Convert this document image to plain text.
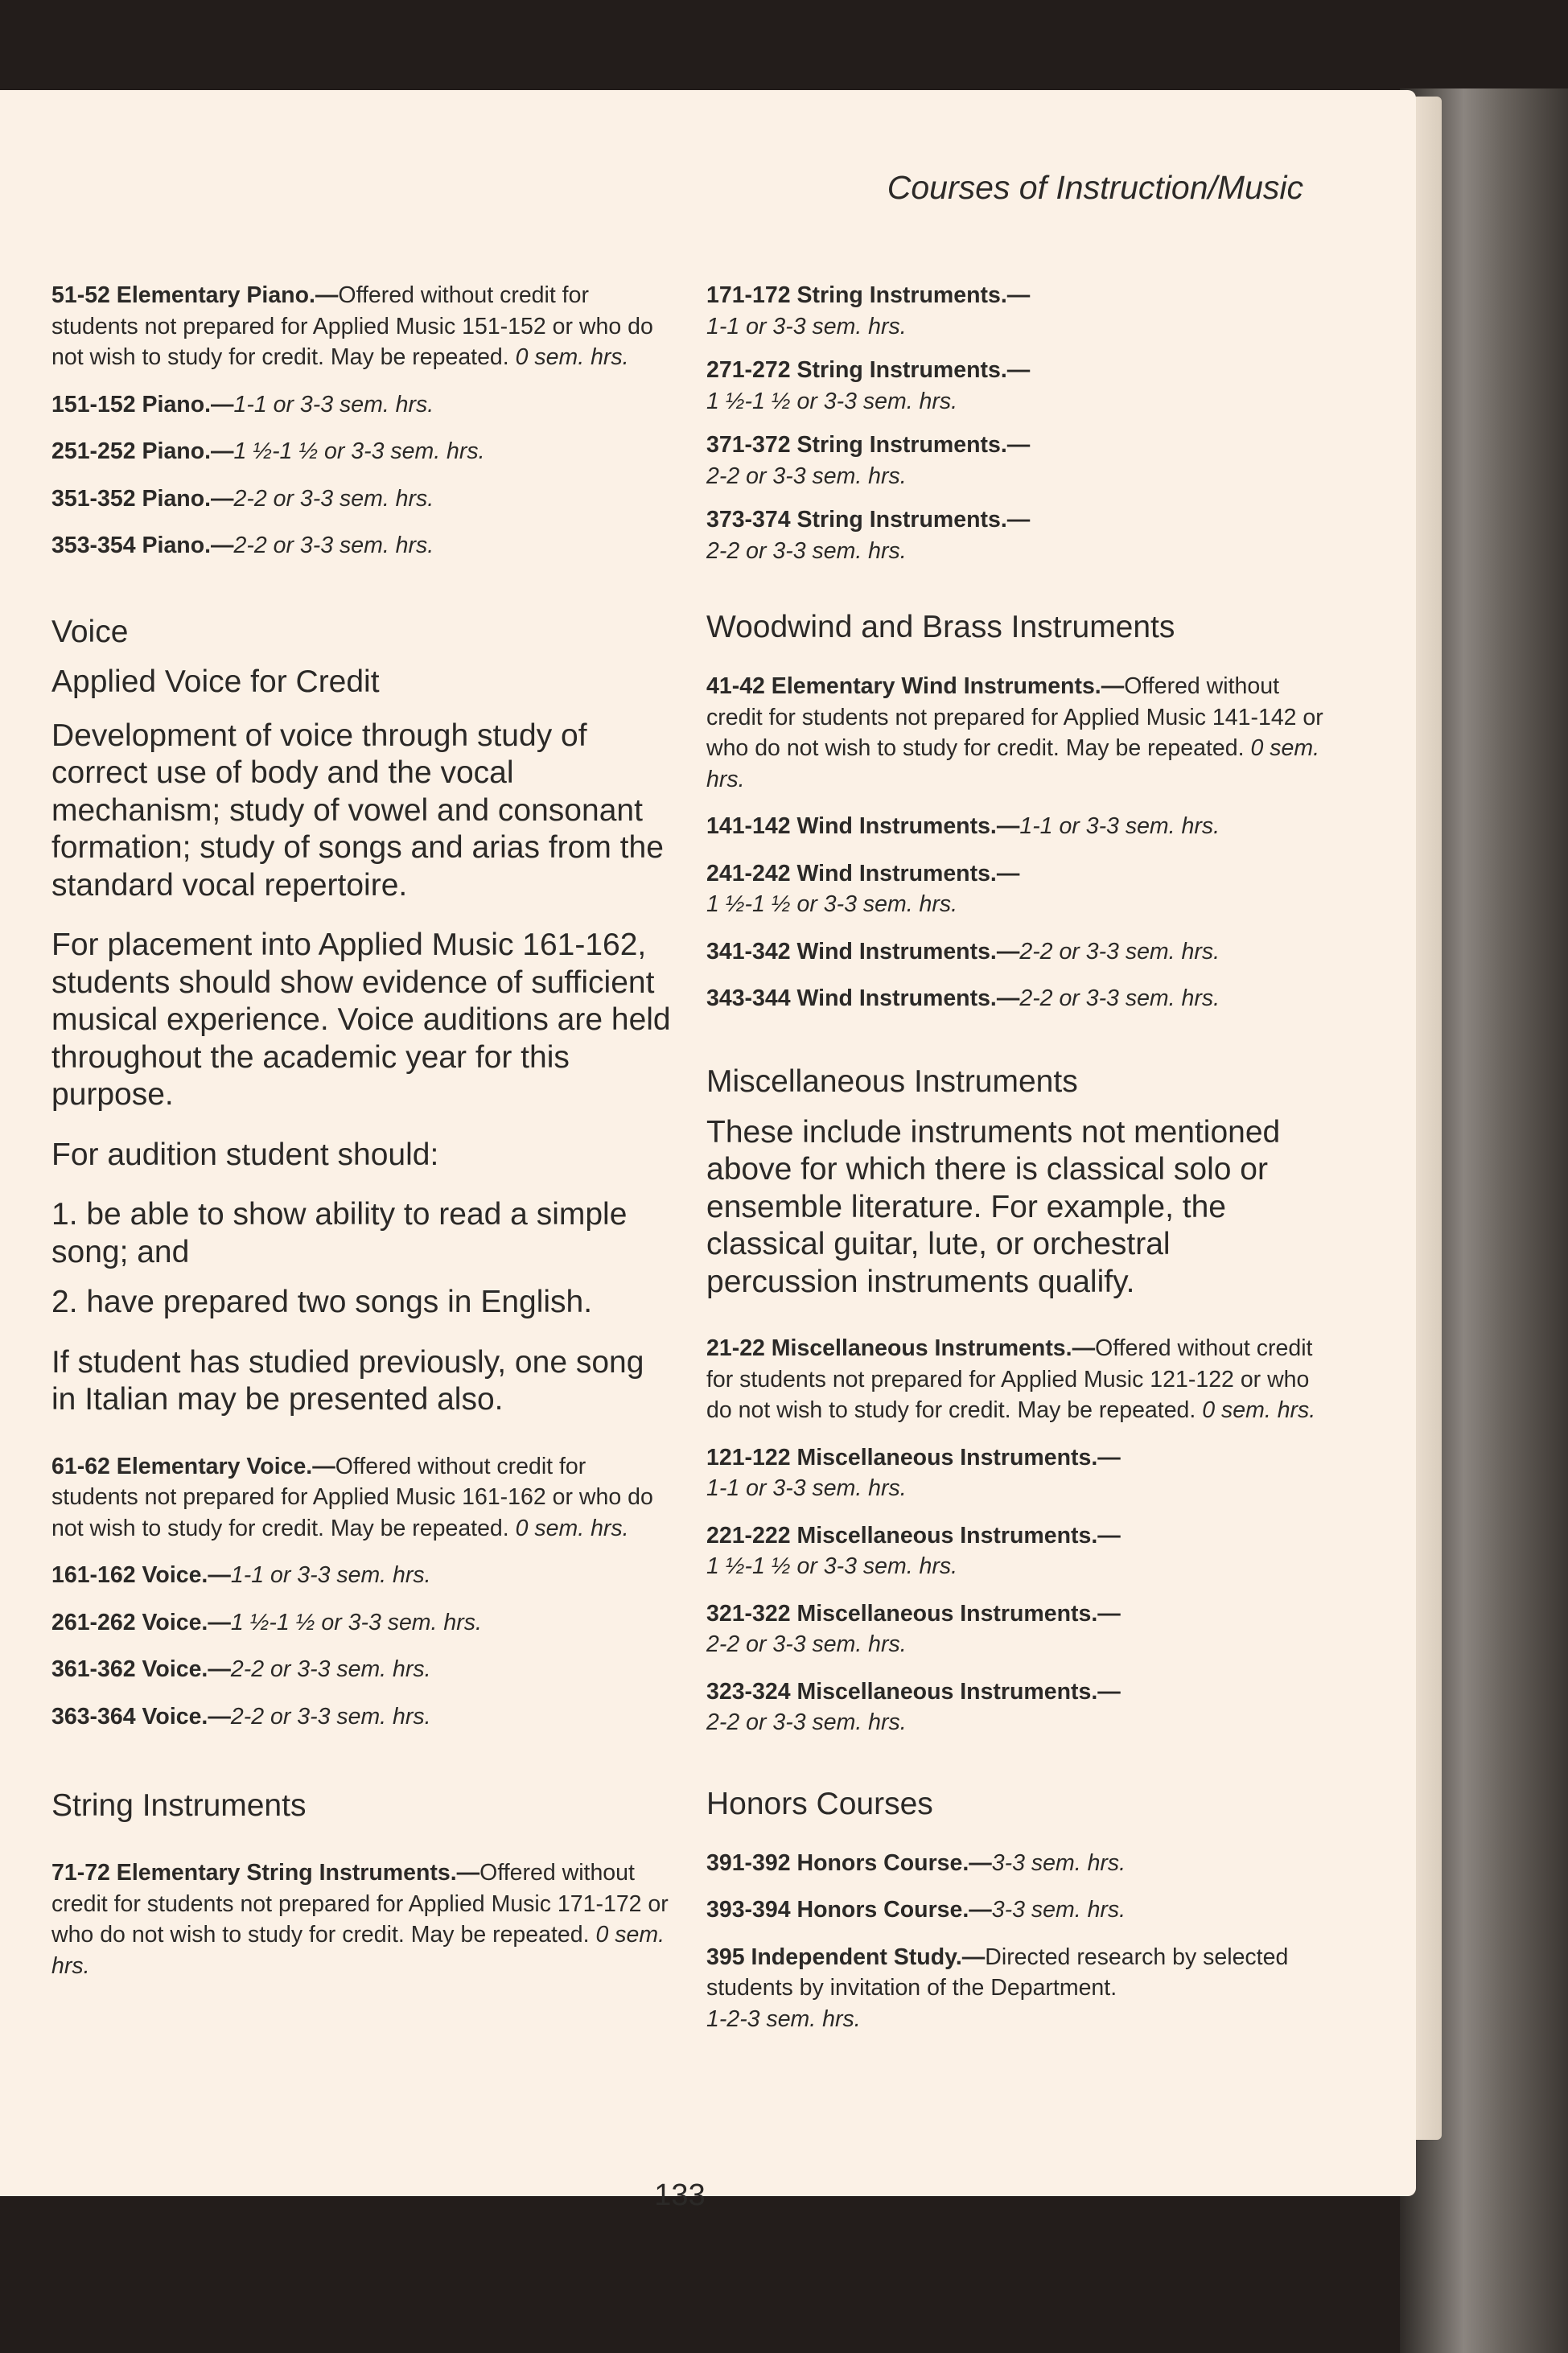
Courses of Instruction/Music

51-52 Elementary Piano.—Offered without credit for students not prepared for Applied Music 151-152 or who do not wish to study for credit. May be repeated. 0 sem. hrs.

151-152 Piano.—1-1 or 3-3 sem. hrs.

251-252 Piano.—1 ½-1 ½ or 3-3 sem. hrs.

351-352 Piano.—2-2 or 3-3 sem. hrs.

353-354 Piano.—2-2 or 3-3 sem. hrs.

Voice
Applied Voice for Credit

Development of voice through study of correct use of body and the vocal mechanism; study of vowel and consonant formation; study of songs and arias from the standard vocal repertoire.

For placement into Applied Music 161-162, students should show evidence of sufficient musical experience. Voice auditions are held throughout the academic year for this purpose.

For audition student should:

1. be able to show ability to read a simple song; and

2. have prepared two songs in English.

If student has studied previously, one song in Italian may be presented also.

61-62 Elementary Voice.—Offered without credit for students not prepared for Applied Music 161-162 or who do not wish to study for credit. May be repeated. 0 sem. hrs.

161-162 Voice.—1-1 or 3-3 sem. hrs.

261-262 Voice.—1 ½-1 ½ or 3-3 sem. hrs.

361-362 Voice.—2-2 or 3-3 sem. hrs.

363-364 Voice.—2-2 or 3-3 sem. hrs.

String Instruments

71-72 Elementary String Instruments.—Offered without credit for students not prepared for Applied Music 171-172 or who do not wish to study for credit. May be repeated. 0 sem. hrs.

171-172 String Instruments.—
1-1 or 3-3 sem. hrs.

271-272 String Instruments.—
1 ½-1 ½ or 3-3 sem. hrs.

371-372 String Instruments.—
2-2 or 3-3 sem. hrs.

373-374 String Instruments.—
2-2 or 3-3 sem. hrs.

Woodwind and Brass Instruments

41-42 Elementary Wind Instruments.—Offered without credit for students not prepared for Applied Music 141-142 or who do not wish to study for credit. May be repeated. 0 sem. hrs.

141-142 Wind Instruments.—1-1 or 3-3 sem. hrs.

241-242 Wind Instruments.—
1 ½-1 ½ or 3-3 sem. hrs.

341-342 Wind Instruments.—2-2 or 3-3 sem. hrs.

343-344 Wind Instruments.—2-2 or 3-3 sem. hrs.

Miscellaneous Instruments

These include instruments not mentioned above for which there is classical solo or ensemble literature. For example, the classical guitar, lute, or orchestral percussion instruments qualify.

21-22 Miscellaneous Instruments.—Offered without credit for students not prepared for Applied Music 121-122 or who do not wish to study for credit. May be repeated. 0 sem. hrs.

121-122 Miscellaneous Instruments.—
1-1 or 3-3 sem. hrs.

221-222 Miscellaneous Instruments.—
1 ½-1 ½ or 3-3 sem. hrs.

321-322 Miscellaneous Instruments.—
2-2 or 3-3 sem. hrs.

323-324 Miscellaneous Instruments.—
2-2 or 3-3 sem. hrs.

Honors Courses

391-392 Honors Course.—3-3 sem. hrs.

393-394 Honors Course.—3-3 sem. hrs.

395 Independent Study.—Directed research by selected students by invitation of the Department.
1-2-3 sem. hrs.

133
